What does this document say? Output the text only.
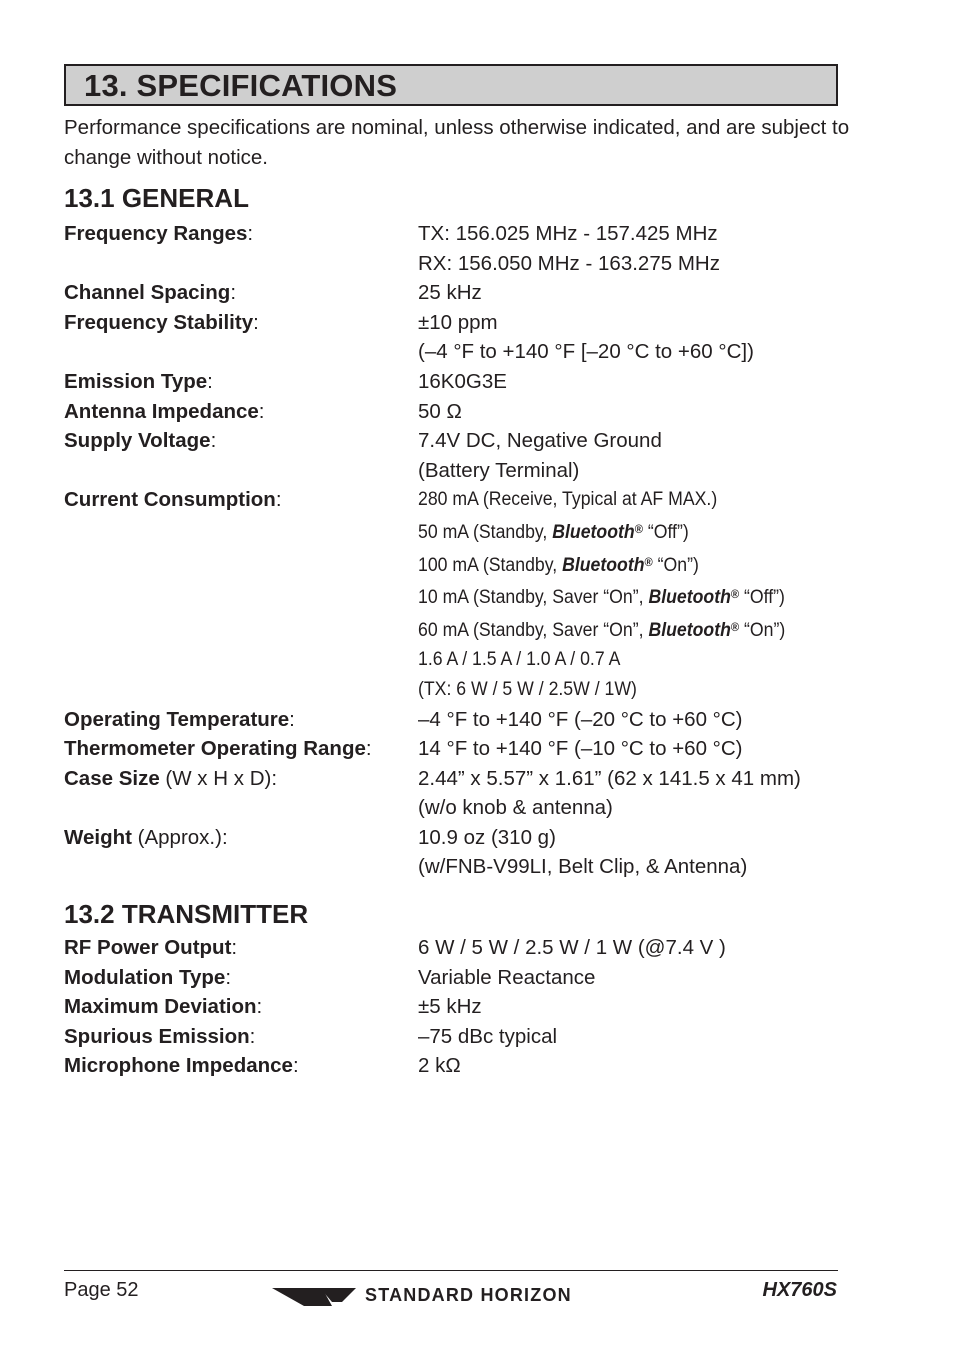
13. SPECIFICATIONS
Performance specifications are nominal, unless otherwise indicated, and are subject to change without notice.
13.1 GENERAL
Frequency Ranges:	TX: 156.025 MHz - 157.425 MHz
RX: 156.050 MHz - 163.275 MHz
Channel Spacing:	25 kHz
Frequency Stability:	±10 ppm
(–4 °F to +140 °F [–20 °C to +60 °C])
Emission Type:	16K0G3E
Antenna Impedance:	50 Ω
Supply Voltage:	7.4V DC, Negative Ground
(Battery Terminal)
Current Consumption:	280 mA (Receive, Typical at AF MAX.)
50 mA (Standby, Bluetooth® “Off”)
100 mA (Standby, Bluetooth® “On”)
10 mA (Standby, Saver “On”, Bluetooth® “Off”)
60 mA (Standby, Saver “On”, Bluetooth® “On”)
1.6 A / 1.5 A / 1.0 A / 0.7 A
(TX: 6 W / 5 W / 2.5W / 1W)
Operating Temperature:	–4 °F to +140 °F (–20 °C to +60 °C)
Thermometer Operating Range:	14 °F to +140 °F (–10 °C to +60 °C)
Case Size (W x H x D):	2.44” x 5.57” x 1.61” (62 x 141.5 x 41 mm)
(w/o knob & antenna)
Weight (Approx.):	10.9 oz (310 g)
(w/FNB-V99LI, Belt Clip, & Antenna)
13.2 TRANSMITTER
RF Power Output:	6 W / 5 W / 2.5 W / 1 W (@7.4 V )
Modulation Type:	Variable Reactance
Maximum Deviation:	±5 kHz
Spurious Emission:	–75 dBc typical
Microphone Impedance:	2 kΩ
Page 52	STANDARD HORIZON	HX760S
